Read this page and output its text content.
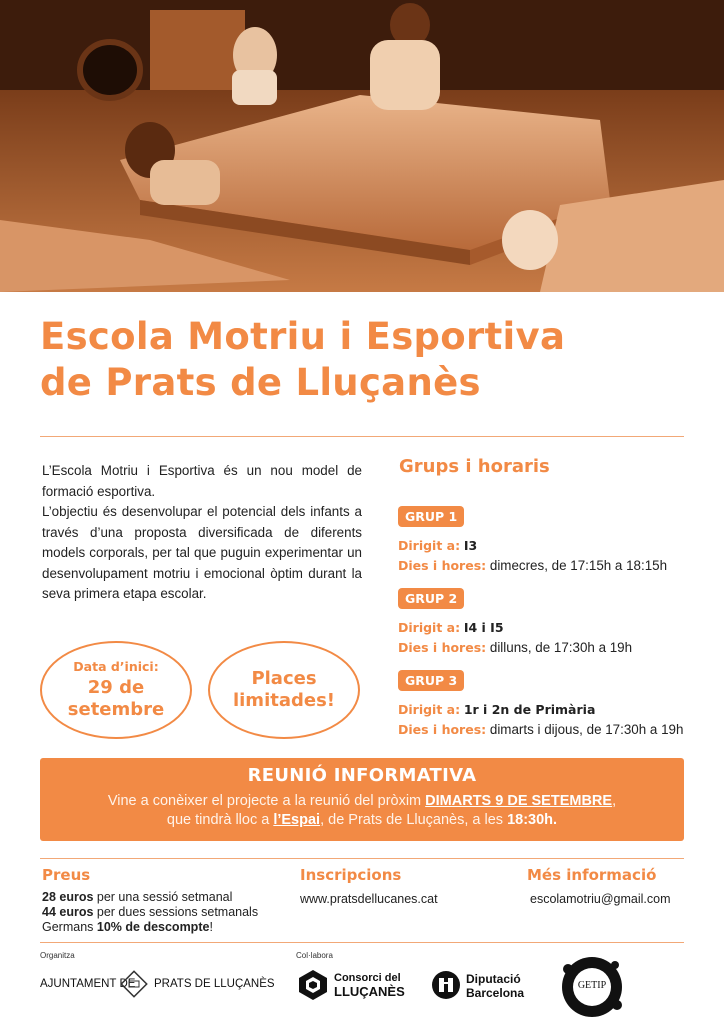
Escola Motriu i Esportiva
de Prats de Lluçanès
L’Escola Motriu i Esportiva és un nou model de formació esportiva.
L’objectiu és desenvolupar el potencial dels infants a través d’una proposta diversificada de diferents models corporals, per tal que puguin experimentar un desenvolupament motriu i emocional òptim durant la seva primera etapa escolar.
Data d’inici:
29 de
setembre
Places
limitades!
Grups i horaris
GRUP 1
Dirigit a: I3
Dies i hores: dimecres, de 17:15h a 18:15h
GRUP 2
Dirigit a: I4 i I5
Dies i hores: dilluns, de 17:30h a 19h
GRUP 3
Dirigit a: 1r i 2n de Primària
Dies i hores: dimarts i dijous, de 17:30h a 19h
REUNIÓ INFORMATIVA
Vine a conèixer el projecte a la reunió del pròxim DIMARTS 9 DE SETEMBRE,
que tindrà lloc a l’Espai, de Prats de Lluçanès, a les 18:30h.
Preus
28 euros per una sessió setmanal
44 euros per dues sessions setmanals
Germans 10% de descompte!
Inscripcions
www.pratsdellucanes.cat
Més informació
escolamotriu@gmail.com
Organitza	Col·labora
AJUNTAMENT DE PRATS DE LLUÇANÈS	Consorci del
LLUÇANÈS
Diputació
Barcelona
GETIP
